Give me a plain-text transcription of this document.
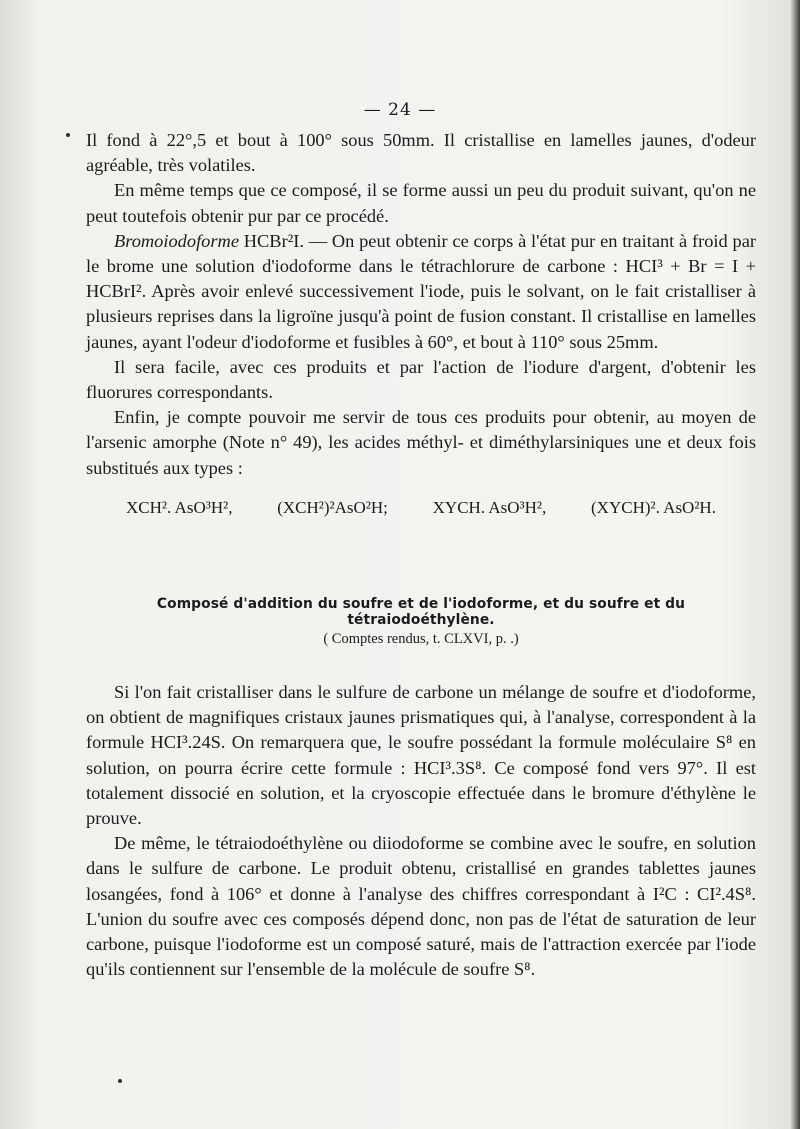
— 24 —

Il fond à 22°,5 et bout à 100° sous 50mm. Il cristallise en lamelles jaunes, d'odeur agréable, très volatiles.

En même temps que ce composé, il se forme aussi un peu du produit suivant, qu'on ne peut toutefois obtenir pur par ce procédé.

Bromoiodoforme HCBr²I. — On peut obtenir ce corps à l'état pur en traitant à froid par le brome une solution d'iodoforme dans le tétrachlorure de carbone : HCI³ + Br = I + HCBrI². Après avoir enlevé successivement l'iode, puis le solvant, on le fait cristalliser à plusieurs reprises dans la ligroïne jusqu'à point de fusion constant. Il cristallise en lamelles jaunes, ayant l'odeur d'iodoforme et fusibles à 60°, et bout à 110° sous 25mm.

Il sera facile, avec ces produits et par l'action de l'iodure d'argent, d'obtenir les fluorures correspondants.

Enfin, je compte pouvoir me servir de tous ces produits pour obtenir, au moyen de l'arsenic amorphe (Note n° 49), les acides méthyl- et diméthylarsiniques une et deux fois substitués aux types :

XCH². AsO³H²,	(XCH²)²AsO²H;	XYCH. AsO³H²,	(XYCH)². AsO²H.
Composé d'addition du soufre et de l'iodoforme, et du soufre et du tétraiodoéthylène.
( Comptes rendus, t. CLXVI, p. .)

Si l'on fait cristalliser dans le sulfure de carbone un mélange de soufre et d'iodoforme, on obtient de magnifiques cristaux jaunes prismatiques qui, à l'analyse, correspondent à la formule HCI³.24S. On remarquera que, le soufre possédant la formule moléculaire S⁸ en solution, on pourra écrire cette formule : HCI³.3S⁸. Ce composé fond vers 97°. Il est totalement dissocié en solution, et la cryoscopie effectuée dans le bromure d'éthylène le prouve.

De même, le tétraiodoéthylène ou diiodoforme se combine avec le soufre, en solution dans le sulfure de carbone. Le produit obtenu, cristallisé en grandes tablettes jaunes losangées, fond à 106° et donne à l'analyse des chiffres correspondant à I²C : CI².4S⁸. L'union du soufre avec ces composés dépend donc, non pas de l'état de saturation de leur carbone, puisque l'iodoforme est un composé saturé, mais de l'attraction exercée par l'iode qu'ils contiennent sur l'ensemble de la molécule de soufre S⁸.
